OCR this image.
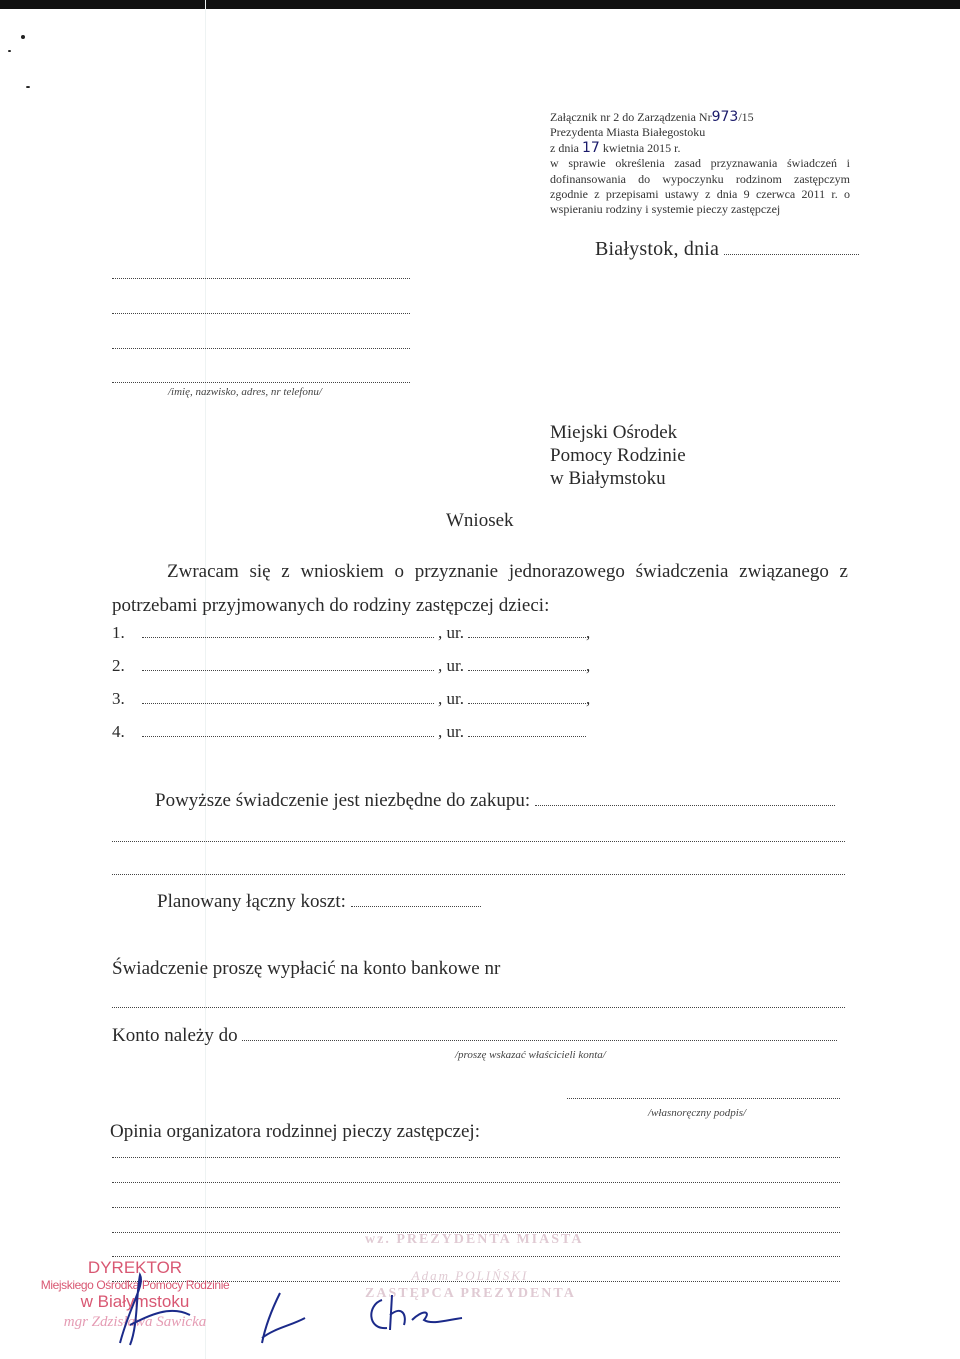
Załącznik nr 2 do Zarządzenia Nr973/15
Prezydenta Miasta Białegostoku
z dnia 17 kwietnia 2015 r.
w sprawie określenia zasad przyznawania świadczeń i
dofinansowania do wypoczynku rodzinom zastępczym
zgodnie z przepisami ustawy z dnia 9 czerwca 2011 r. o
wspieraniu rodziny i systemie pieczy zastępczej
Białystok, dnia
/imię, nazwisko, adres, nr telefonu/
Miejski Ośrodek
Pomocy Rodzinie
w Białymstoku
Wniosek
Zwracam się z wnioskiem o przyznanie jednorazowego świadczenia związanego z potrzebami przyjmowanych do rodziny zastępczej dzieci:
1.	, ur.	,
2.	, ur.	,
3.	, ur.	,
4.	, ur.
Powyższe świadczenie jest niezbędne do zakupu:
Planowany łączny koszt:
Świadczenie proszę wypłacić na konto bankowe nr
Konto należy do
/proszę wskazać właścicieli konta/
/własnoręczny podpis/
Opinia organizatora rodzinnej pieczy zastępczej:
wz. PREZYDENTA MIASTA
Adam POLIŃSKI
ZASTĘPCA PREZYDENTA
DYREKTOR
Miejskiego Ośrodka Pomocy Rodzinie
w Białymstoku
mgr Zdzisława Sawicka
